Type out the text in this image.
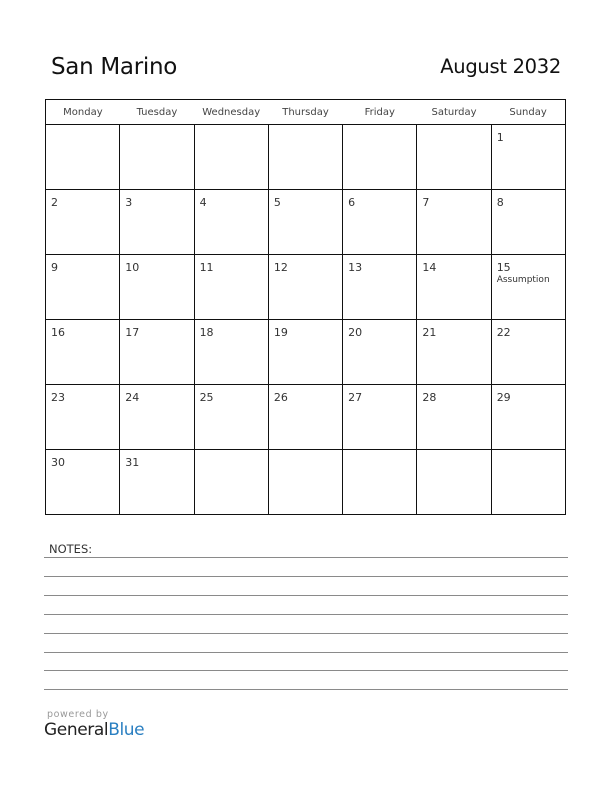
San Marino	August 2032
Monday	Tuesday	Wednesday	Thursday	Friday	Saturday	Sunday

						1

2	3	4	5	6	7	8

9	10	11	12	13	14	15
Assumption

16	17	18	19	20	21	22

23	24	25	26	27	28	29

30	31					

NOTES:
powered by
GeneralBlue
